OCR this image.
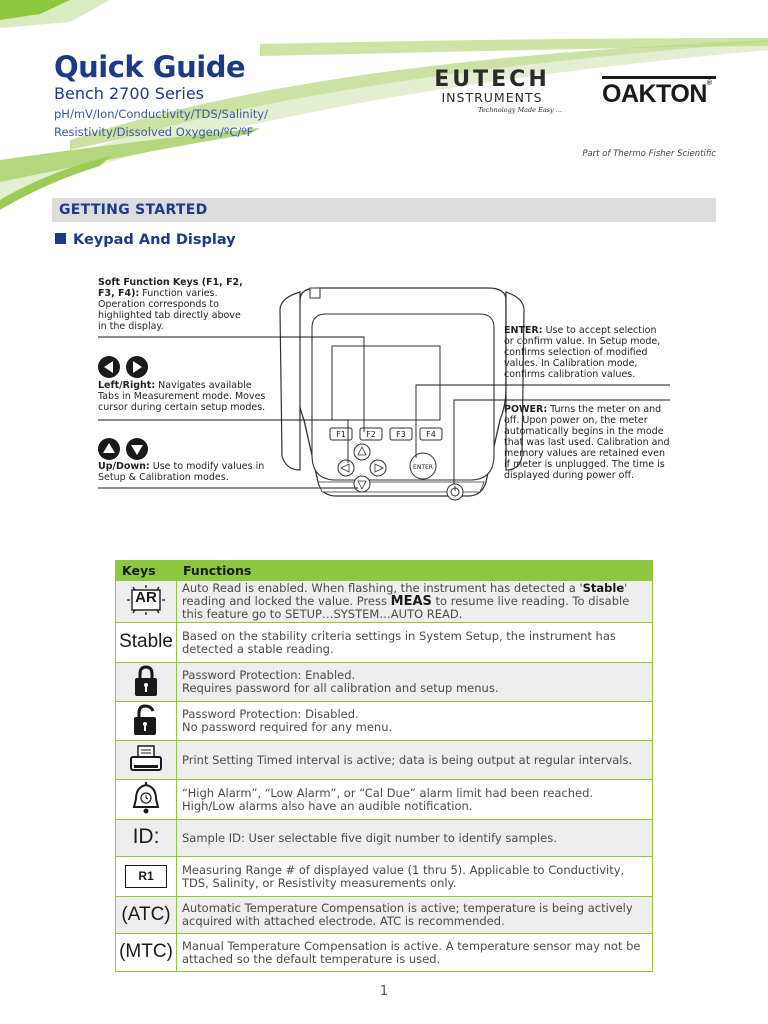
Quick Guide
Bench 2700 Series
pH/mV/Ion/Conductivity/TDS/Salinity/
Resistivity/Dissolved Oxygen/ºC/ºF
EUTECH
INSTRUMENTS
Technology Made Easy ...
OAKTON®
Part of Thermo Fisher Scientific
GETTING STARTED
Keypad And Display
F1	F2	F3	F4
ENTER
Soft Function Keys (F1, F2,
F3, F4): Function varies.
Operation corresponds to
highlighted tab directly above
in the display.
Left/Right: Navigates available
Tabs in Measurement mode. Moves
cursor during certain setup modes.
Up/Down: Use to modify values in
Setup & Calibration modes.
ENTER: Use to accept selection
or confirm value. In Setup mode,
confirms selection of modified
values. In Calibration mode,
confirms calibration values.
POWER: Turns the meter on and
off. Upon power on, the meter
automatically begins in the mode
that was last used. Calibration and
memory values are retained even
if meter is unplugged. The time is
displayed during power off.
Keys	Functions

AR	Auto Read is enabled. When flashing, the instrument has detected a 'Stable' reading and locked the value. Press MEAS to resume live reading. To disable this feature go to SETUP…SYSTEM…AUTO READ.
Stable	Based on the stability criteria settings in System Setup, the instrument has detected a stable reading.

Password Protection: Enabled.
Requires password for all calibration and setup menus.

Password Protection: Disabled.
No password required for any menu.

	Print Setting Timed interval is active; data is being output at regular intervals.

“High Alarm”, “Low Alarm”, or “Cal Due” alarm limit had been reached.
High/Low alarms also have an audible notification.

ID:	Sample ID: User selectable five digit number to identify samples.
R1	Measuring Range # of displayed value (1 thru 5). Applicable to Conductivity, TDS, Salinity, or Resistivity measurements only.
(ATC)	Automatic Temperature Compensation is active; temperature is being actively acquired with attached electrode. ATC is recommended.
(MTC)	Manual Temperature Compensation is active. A temperature sensor may not be attached so the default temperature is used.
1
